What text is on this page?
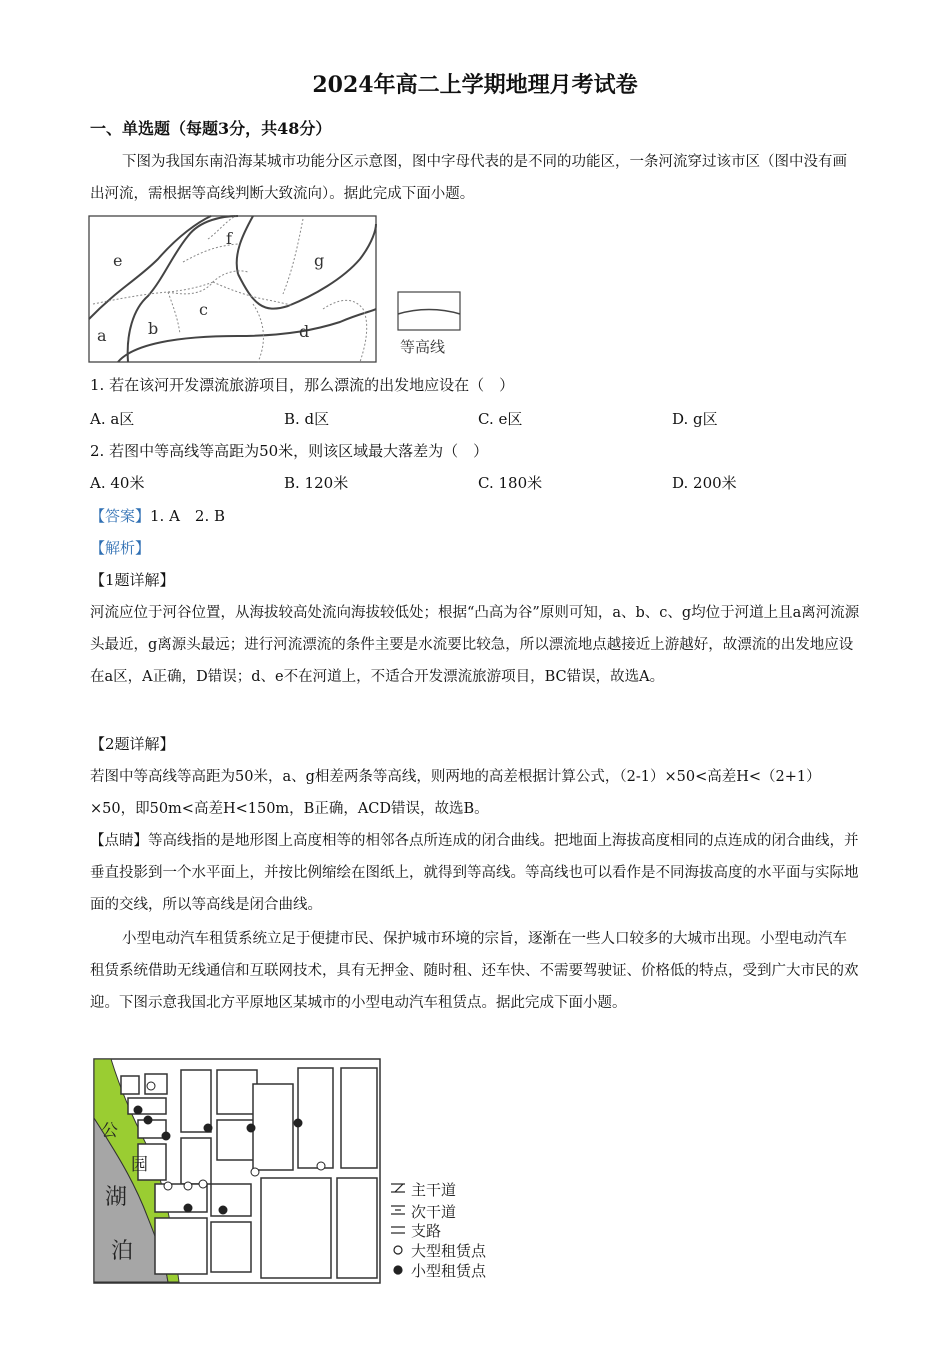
2024年高二上学期地理月考试卷
一、单选题（每题3分，共48分）
下图为我国东南沿海某城市功能分区示意图，图中字母代表的是不同的功能区，一条河流穿过该市区（图中没有画出河流，需根据等高线判断大致流向）。据此完成下面小题。
e
f
g
c
b	d
a
等高线
1. 若在该河开发漂流旅游项目，那么漂流的出发地应设在（　）
A. a区	B. d区	C. e区	D. g区
2. 若图中等高线等高距为50米，则该区域最大落差为（　）
A. 40米	B. 120米	C. 180米	D. 200米
【答案】1. A　2. B
【解析】
【1题详解】
河流应位于河谷位置，从海拔较高处流向海拔较低处；根据“凸高为谷”原则可知，a、b、c、g均位于河道上且a离河流源头最近，g离源头最远；进行河流漂流的条件主要是水流要比较急，所以漂流地点越接近上游越好，故漂流的出发地应设在a区，A正确，D错误；d、e不在河道上，不适合开发漂流旅游项目，BC错误，故选A。
【2题详解】
若图中等高线等高距为50米，a、g相差两条等高线，则两地的高差根据计算公式，（2-1）×50<高差H<（2+1）×50，即50m<高差H<150m，B正确，ACD错误，故选B。
【点睛】等高线指的是地形图上高度相等的相邻各点所连成的闭合曲线。把地面上海拔高度相同的点连成的闭合曲线，并垂直投影到一个水平面上，并按比例缩绘在图纸上，就得到等高线。等高线也可以看作是不同海拔高度的水平面与实际地面的交线，所以等高线是闭合曲线。
小型电动汽车租赁系统立足于便捷市民、保护城市环境的宗旨，逐渐在一些人口较多的大城市出现。小型电动汽车租赁系统借助无线通信和互联网技术，具有无押金、随时租、还车快、不需要驾驶证、价格低的特点，受到广大市民的欢迎。下图示意我国北方平原地区某城市的小型电动汽车租赁点。据此完成下面小题。
公
园
湖
泊
主干道
次干道
支路
大型租赁点
小型租赁点
